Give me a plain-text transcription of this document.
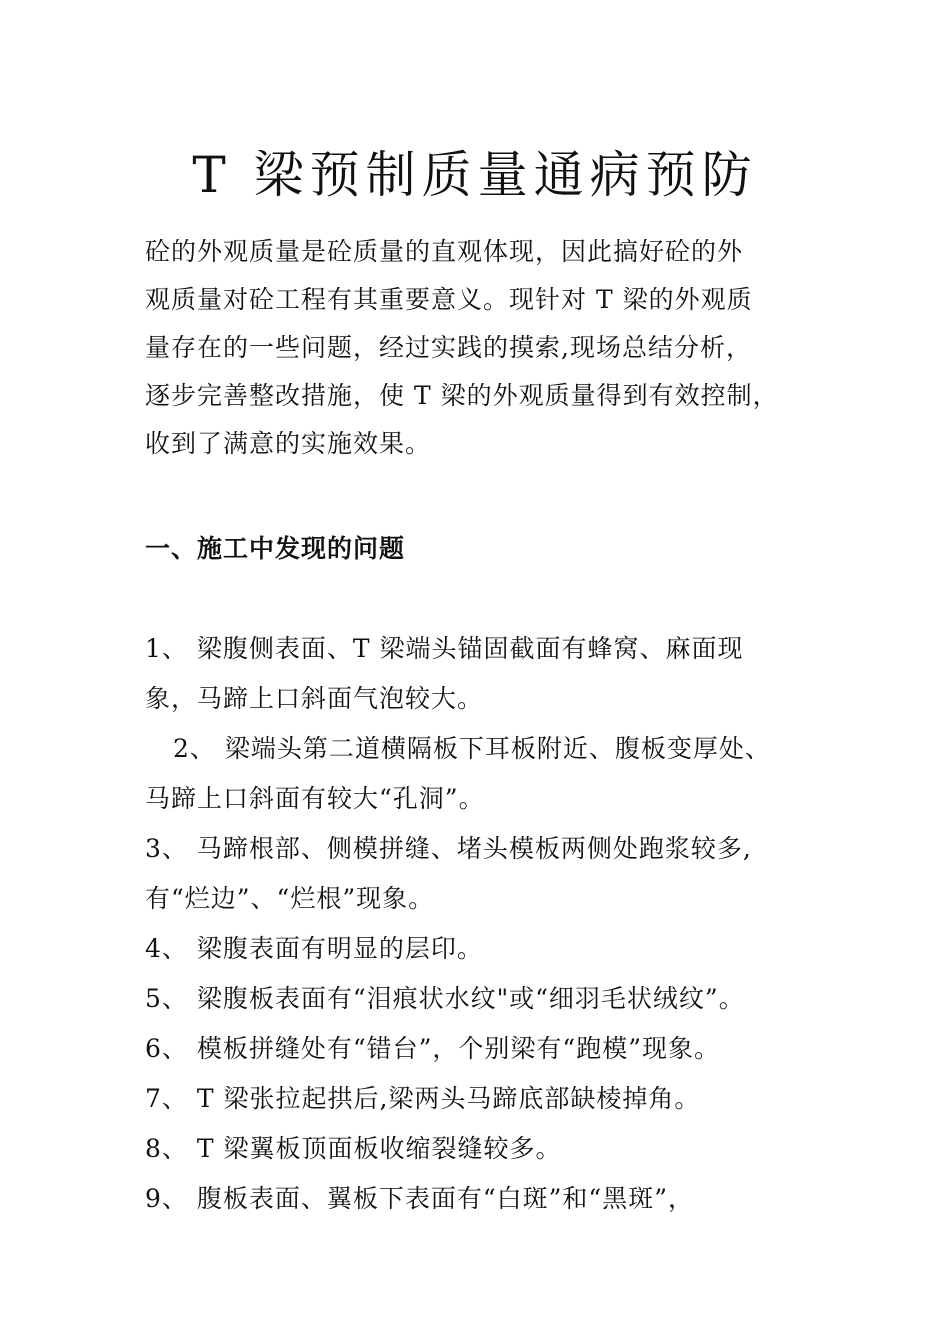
T 梁预制质量通病预防
砼的外观质量是砼质量的直观体现，因此搞好砼的外
观质量对砼工程有其重要意义。现针对 T 梁的外观质
量存在的一些问题，经过实践的摸索,现场总结分析，
逐步完善整改措施，使 T 梁的外观质量得到有效控制，
收到了满意的实施效果。
一、施工中发现的问题
1、 梁腹侧表面、T 梁端头锚固截面有蜂窝、麻面现
象，马蹄上口斜面气泡较大。
2、 梁端头第二道横隔板下耳板附近、腹板变厚处、
马蹄上口斜面有较大“孔洞”。
3、 马蹄根部、侧模拼缝、堵头模板两侧处跑浆较多,
有“烂边”、“烂根”现象。
4、 梁腹表面有明显的层印。
5、 梁腹板表面有“泪痕状水纹"或“细羽毛状绒纹”。
6、 模板拼缝处有“错台”，个别梁有“跑模”现象。
7、 T 梁张拉起拱后,梁两头马蹄底部缺棱掉角。
8、 T 梁翼板顶面板收缩裂缝较多。
9、 腹板表面、翼板下表面有“白斑”和“黑斑”，
